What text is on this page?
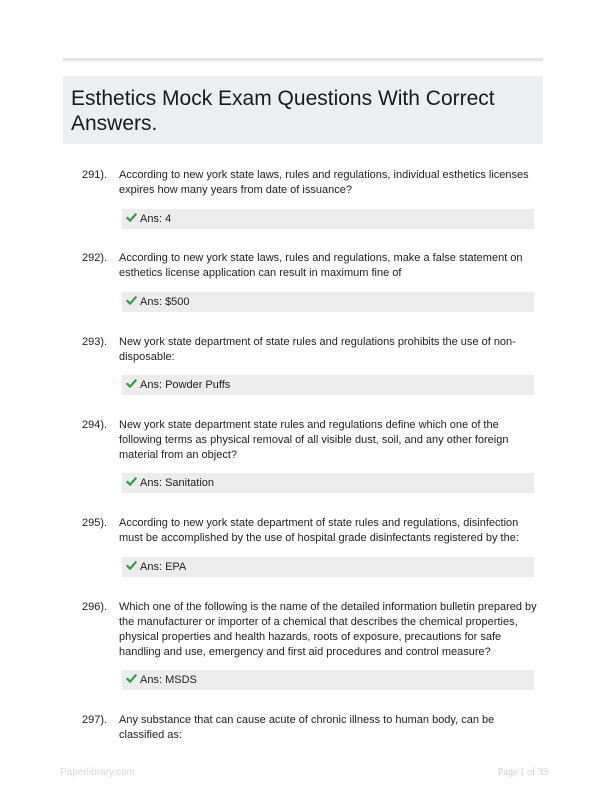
Esthetics Mock Exam Questions With Correct Answers.
291). According to new york state laws, rules and regulations, individual esthetics licenses expires how many years from date of issuance?
Ans: 4
292). According to new york state laws, rules and regulations, make a false statement on esthetics license application can result in maximum fine of
Ans: $500
293). New york state department of state rules and regulations prohibits the use of non-disposable:
Ans: Powder Puffs
294). New york state department state rules and regulations define which one of the following terms as physical removal of all visible dust, soil, and any other foreign material from an object?
Ans: Sanitation
295). According to new york state department of state rules and regulations, disinfection must be accomplished by the use of hospital grade disinfectants registered by the:
Ans: EPA
296). Which one of the following is the name of the detailed information bulletin prepared by the manufacturer or importer of a chemical that describes the chemical properties, physical properties and health hazards, roots of exposure, precautions for safe handling and use, emergency and first aid procedures and control measure?
Ans: MSDS
297). Any substance that can cause acute of chronic illness to human body, can be classified as:
Paperlibrary.com	Page 1 of 39
